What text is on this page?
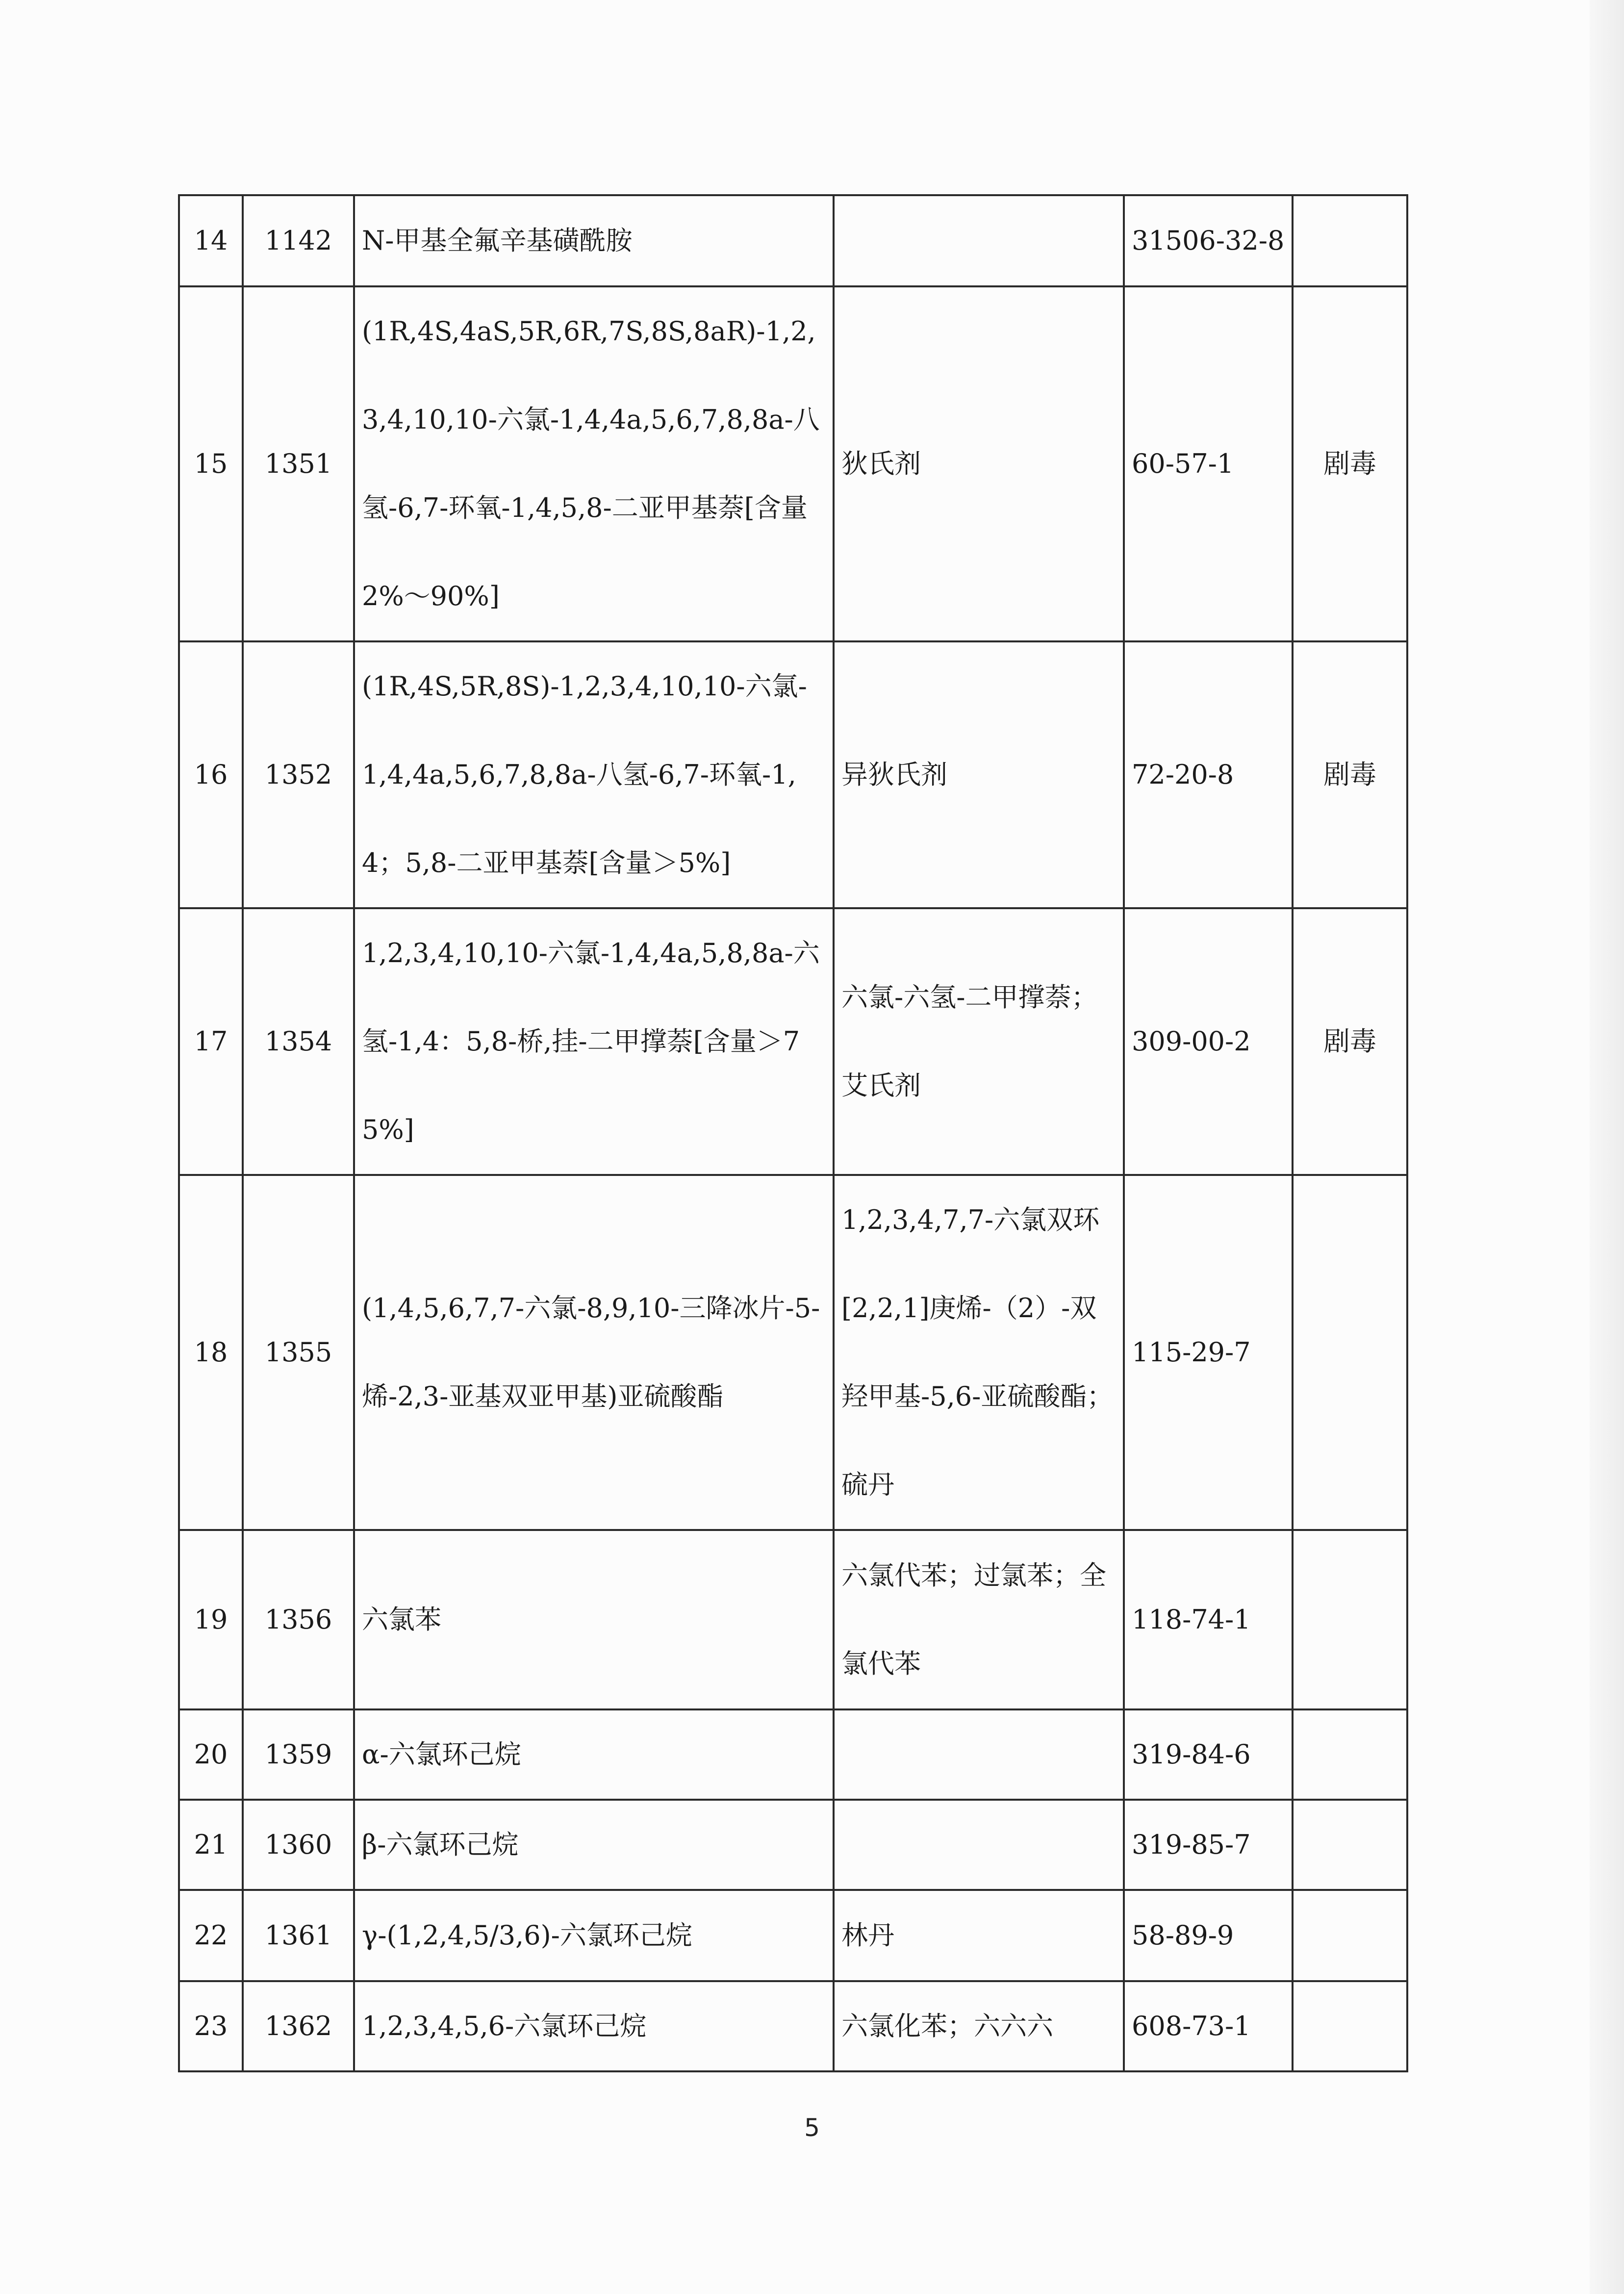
14	1142	N-甲基全氟辛基磺酰胺		31506-32-8	
15	1351	(1R,4S,4aS,5R,6R,7S,8S,8aR)-1,2,3,4,10,10-六氯-1,4,4a,5,6,7,8,8a-八氢-6,7-环氧-1,4,5,8-二亚甲基萘[含量2%～90%]	狄氏剂	60-57-1	剧毒
16	1352	(1R,4S,5R,8S)-1,2,3,4,10,10-六氯-1,4,4a,5,6,7,8,8a-八氢-6,7-环氧-1,4；5,8-二亚甲基萘[含量＞5%]	异狄氏剂	72-20-8	剧毒
17	1354	1,2,3,4,10,10-六氯-1,4,4a,5,8,8a-六氢-1,4：5,8-桥,挂-二甲撑萘[含量＞75%]	六氯-六氢-二甲撑萘；艾氏剂	309-00-2	剧毒
18	1355	(1,4,5,6,7,7-六氯-8,9,10-三降冰片-5-烯-2,3-亚基双亚甲基)亚硫酸酯	1,2,3,4,7,7-六氯双环[2,2,1]庚烯-（2）-双羟甲基-5,6-亚硫酸酯；硫丹	115-29-7	
19	1356	六氯苯	六氯代苯；过氯苯；全氯代苯	118-74-1	
20	1359	α-六氯环己烷		319-84-6	
21	1360	β-六氯环己烷		319-85-7	
22	1361	γ-(1,2,4,5/3,6)-六氯环己烷	林丹	58-89-9	
23	1362	1,2,3,4,5,6-六氯环己烷	六氯化苯；六六六	608-73-1	
5
